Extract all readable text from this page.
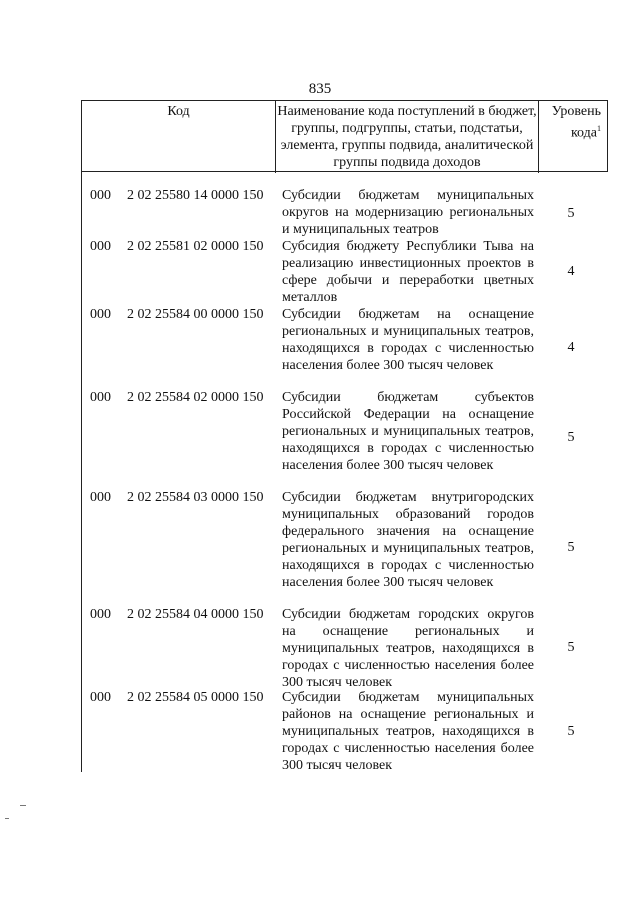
835
Код	Наименование кода поступлений в бюджет, группы, подгруппы, статьи, подстатьи, элемента, группы подвида, аналитической группы подвида доходов
Уровень кода$^1$
000 2 02 25580 14 0000 150 Субсидии бюджетам муниципальных округов на модернизацию региональных и муниципальных театров
5
000 2 02 25581 02 0000 150 Субсидия бюджету Республики Тыва на реализацию инвестиционных проектов в сфере добычи и переработки цветных металлов
4
000 2 02 25584 00 0000 150 Субсидии бюджетам на оснащение региональных и муниципальных театров, находящихся в городах с численностью населения более 300 тысяч человек
4
000 2 02 25584 02 0000 150 Субсидии бюджетам субъектов Российской Федерации на оснащение региональных и муниципальных театров, находящихся в городах с численностью населения более 300 тысяч человек
5
000 2 02 25584 03 0000 150 Субсидии бюджетам внутригородских муниципальных образований городов федерального значения на оснащение региональных и муниципальных театров, находящихся в городах с численностью населения более 300 тысяч человек
5
000 2 02 25584 04 0000 150 Субсидии бюджетам городских округов на оснащение региональных и муниципальных театров, находящихся в городах с численностью населения более 300 тысяч человек
5
000 2 02 25584 05 0000 150 Субсидии бюджетам муниципальных районов на оснащение региональных и муниципальных театров, находящихся в городах с численностью населения более 300 тысяч человек
5
